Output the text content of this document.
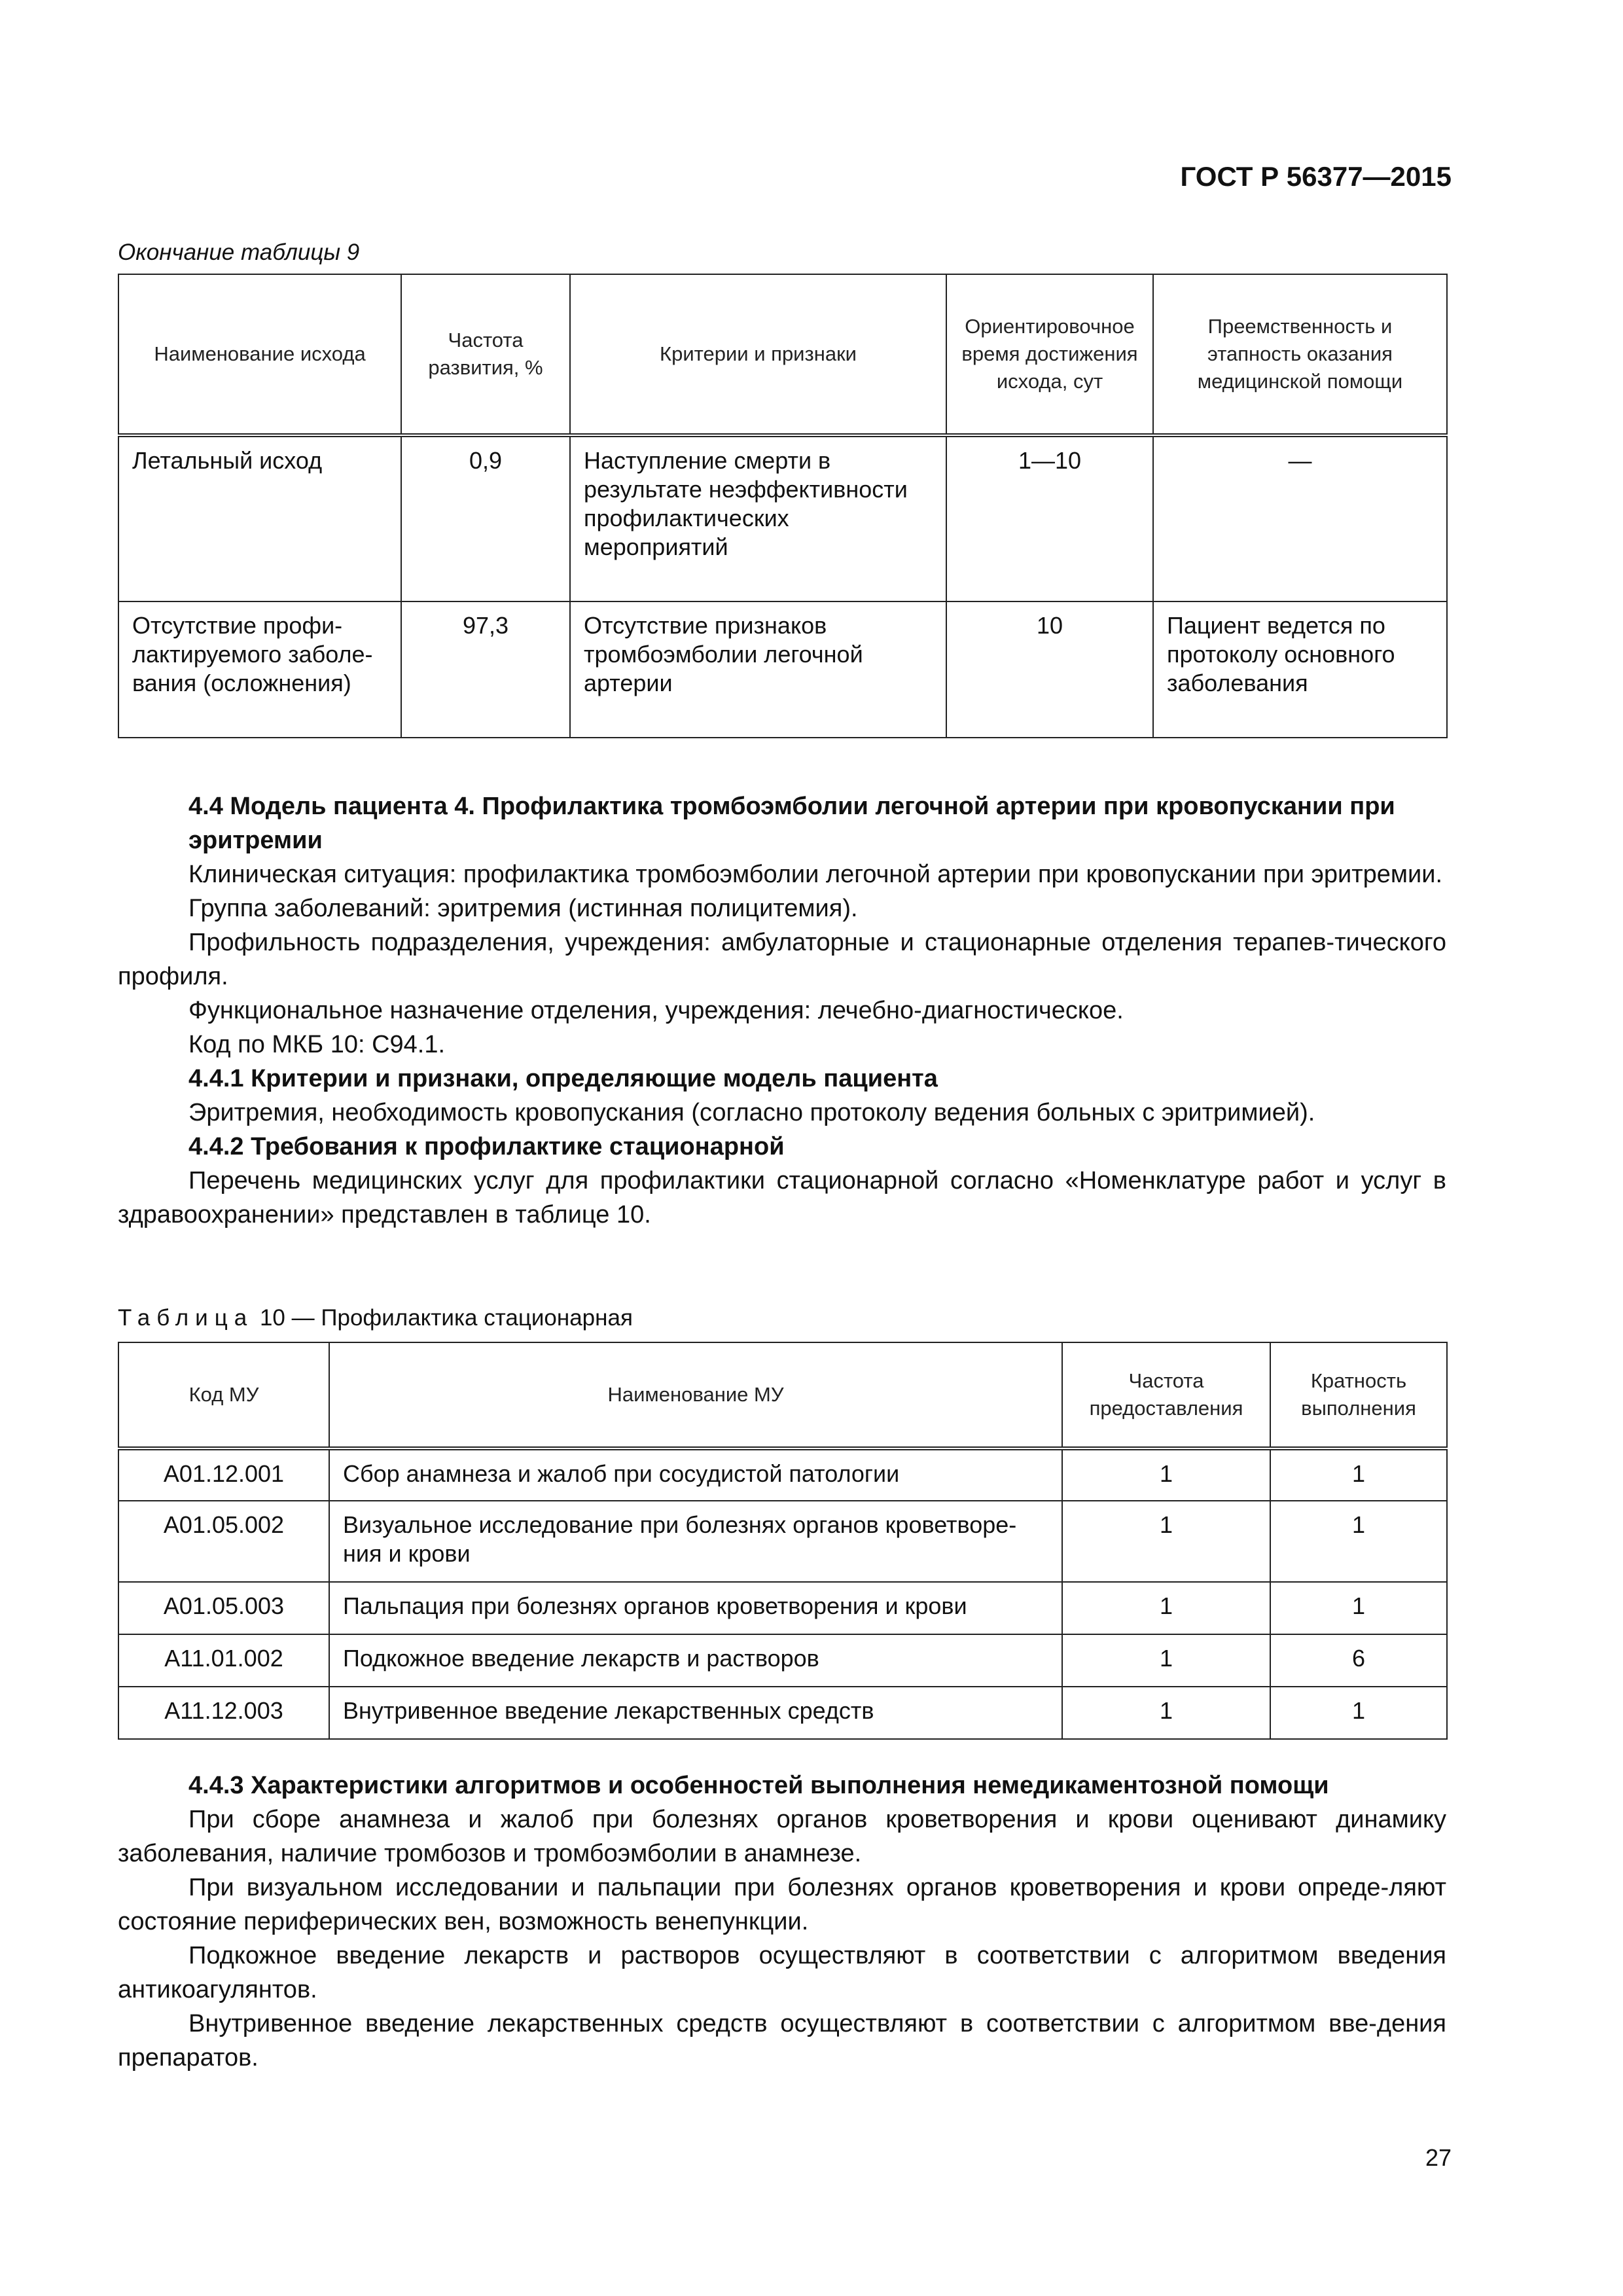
ГОСТ Р 56377—2015
Окончание таблицы 9
Наименование исхода	Частота развития, %	Критерии и признаки	Ориентировочное время достижения исхода, сут	Преемственность и этапность оказания медицинской помощи
Летальный исход	0,9	Наступление смерти в результате неэффективности профилактических мероприятий	1—10	—
Отсутствие профи-лактируемого заболе-вания (осложнения)	97,3	Отсутствие признаков тромбоэмболии легочной артерии	10	Пациент ведется по протоколу основного заболевания

4.4 Модель пациента 4. Профилактика тромбоэмболии легочной артерии при кровопускании при эритремии

Клиническая ситуация: профилактика тромбоэмболии легочной артерии при кровопускании при эритремии.

Группа заболеваний: эритремия (истинная полицитемия).

Профильность подразделения, учреждения: амбулаторные и стационарные отделения терапев-тического профиля.

Функциональное назначение отделения, учреждения: лечебно-диагностическое.

Код по МКБ 10: С94.1.

4.4.1 Критерии и признаки, определяющие модель пациента

Эритремия, необходимость кровопускания (согласно протоколу ведения больных с эритримией).

4.4.2 Требования к профилактике стационарной

Перечень медицинских услуг для профилактики стационарной согласно «Номенклатуре работ и услуг в здравоохранении» представлен в таблице 10.

Таблица 10 — Профилактика стационарная
Код МУ	Наименование МУ	Частота предоставления	Кратность выполнения
А01.12.001	Сбор анамнеза и жалоб при сосудистой патологии	1	1
А01.05.002	Визуальное исследование при болезнях органов кроветворе-ния и крови	1	1
А01.05.003	Пальпация при болезнях органов кроветворения и крови	1	1
А11.01.002	Подкожное введение лекарств и растворов	1	6
А11.12.003	Внутривенное введение лекарственных средств	1	1

4.4.3 Характеристики алгоритмов и особенностей выполнения немедикаментозной помощи

При сборе анамнеза и жалоб при болезнях органов кроветворения и крови оценивают динамику заболевания, наличие тромбозов и тромбоэмболии в анамнезе.

При визуальном исследовании и пальпации при болезнях органов кроветворения и крови опреде-ляют состояние периферических вен, возможность венепункции.

Подкожное введение лекарств и растворов осуществляют в соответствии с алгоритмом введения антикоагулянтов.

Внутривенное введение лекарственных средств осуществляют в соответствии с алгоритмом вве-дения препаратов.

27
